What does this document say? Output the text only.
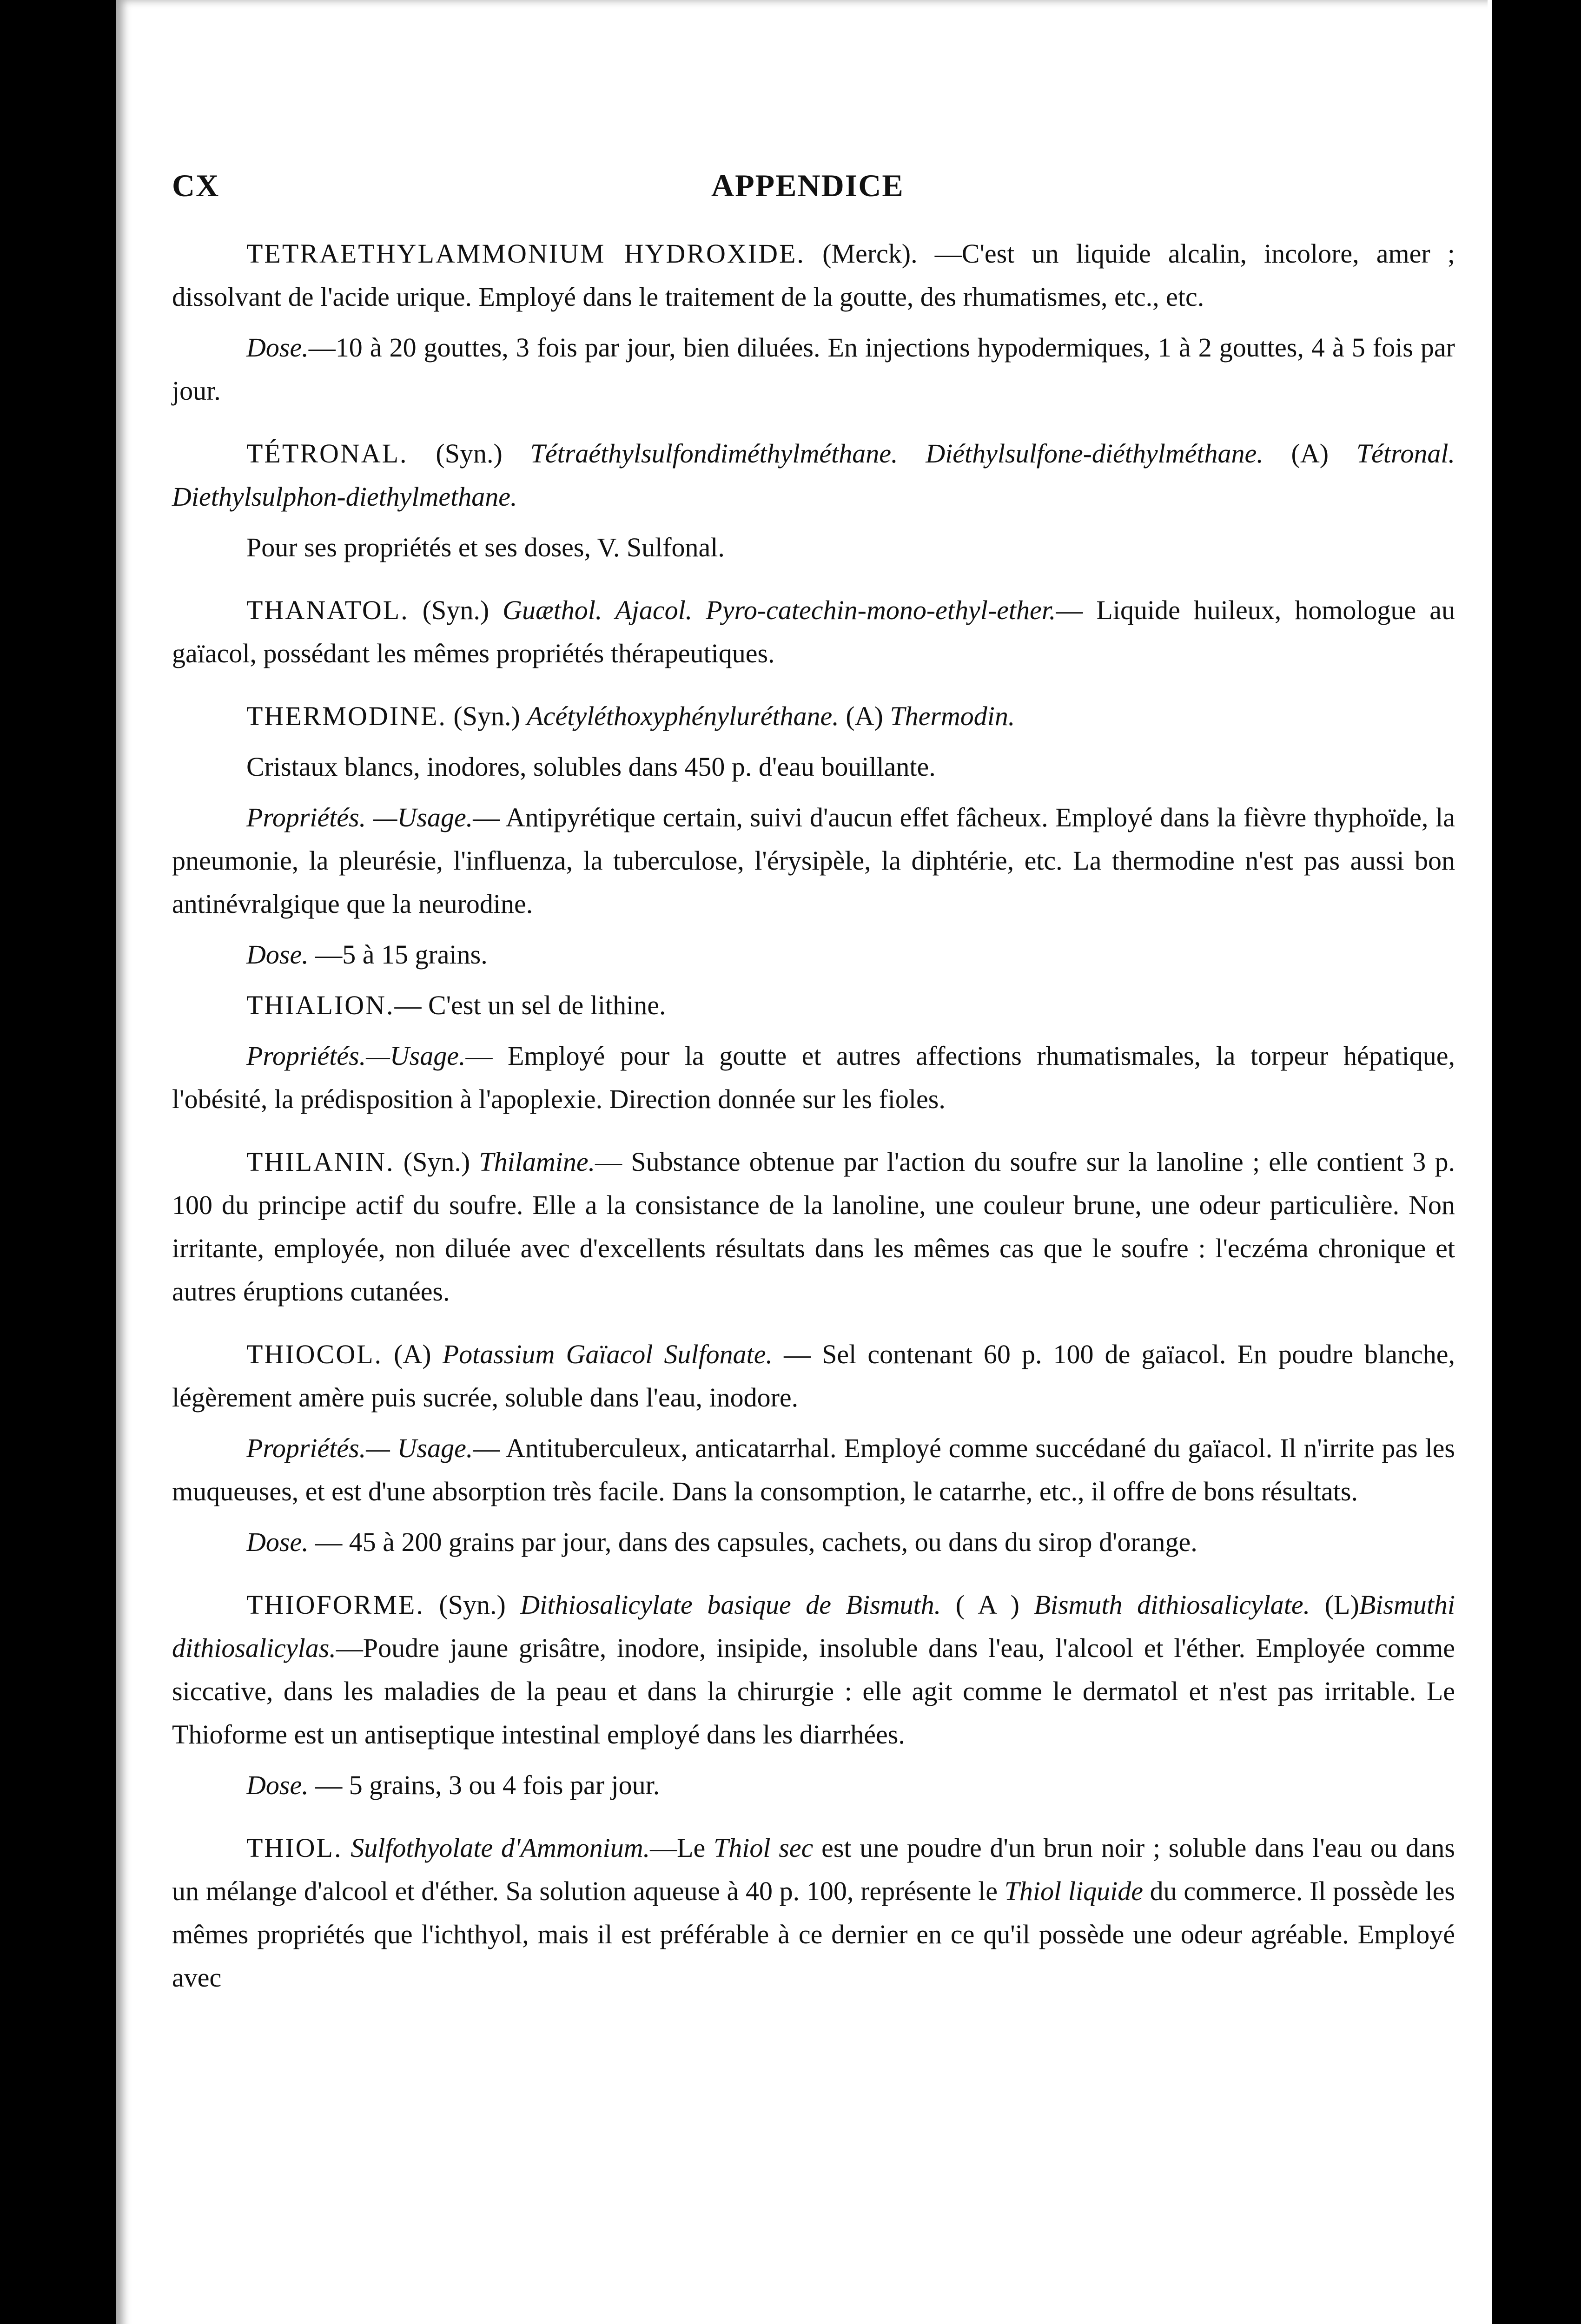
CX	APPENDICE

TETRAETHYLAMMONIUM HYDROXIDE. (Merck). —C'est un liquide alcalin, incolore, amer ; dissolvant de l'acide urique. Employé dans le traitement de la goutte, des rhumatismes, etc., etc.

Dose.—10 à 20 gouttes, 3 fois par jour, bien diluées. En injections hypodermiques, 1 à 2 gouttes, 4 à 5 fois par jour.

TÉTRONAL. (Syn.) Tétraéthylsulfondiméthylméthane. Diéthylsulfone-diéthylméthane. (A) Tétronal. Diethylsulphon-diethylmethane.

Pour ses propriétés et ses doses, V. Sulfonal.

THANATOL. (Syn.) Guæthol. Ajacol. Pyro-catechin-mono-ethyl-ether.— Liquide huileux, homologue au gaïacol, possédant les mêmes propriétés thérapeutiques.

THERMODINE. (Syn.) Acétyléthoxyphényluréthane. (A) Thermodin.

Cristaux blancs, inodores, solubles dans 450 p. d'eau bouillante.

Propriétés. —Usage.— Antipyrétique certain, suivi d'aucun effet fâcheux. Employé dans la fièvre thyphoïde, la pneumonie, la pleurésie, l'influenza, la tuberculose, l'érysipèle, la diphtérie, etc. La thermodine n'est pas aussi bon antinévralgique que la neurodine.

Dose. —5 à 15 grains.

THIALION.— C'est un sel de lithine.

Propriétés.—Usage.— Employé pour la goutte et autres affections rhumatismales, la torpeur hépatique, l'obésité, la prédisposition à l'apoplexie. Direction donnée sur les fioles.

THILANIN. (Syn.) Thilamine.— Substance obtenue par l'action du soufre sur la lanoline ; elle contient 3 p. 100 du principe actif du soufre. Elle a la consistance de la lanoline, une couleur brune, une odeur particulière. Non irritante, employée, non diluée avec d'excellents résultats dans les mêmes cas que le soufre : l'eczéma chronique et autres éruptions cutanées.

THIOCOL. (A) Potassium Gaïacol Sulfonate. — Sel contenant 60 p. 100 de gaïacol. En poudre blanche, légèrement amère puis sucrée, soluble dans l'eau, inodore.

Propriétés.— Usage.— Antituberculeux, anticatarrhal. Employé comme succédané du gaïacol. Il n'irrite pas les muqueuses, et est d'une absorption très facile. Dans la consomption, le catarrhe, etc., il offre de bons résultats.

Dose. — 45 à 200 grains par jour, dans des capsules, cachets, ou dans du sirop d'orange.

THIOFORME. (Syn.) Dithiosalicylate basique de Bismuth. ( A ) Bismuth dithiosalicylate. (L)Bismuthi dithiosalicylas.—Poudre jaune grisâtre, inodore, insipide, insoluble dans l'eau, l'alcool et l'éther. Employée comme siccative, dans les maladies de la peau et dans la chirurgie : elle agit comme le dermatol et n'est pas irritable. Le Thioforme est un antiseptique intestinal employé dans les diarrhées.

Dose. — 5 grains, 3 ou 4 fois par jour.

THIOL. Sulfothyolate d'Ammonium.—Le Thiol sec est une poudre d'un brun noir ; soluble dans l'eau ou dans un mélange d'alcool et d'éther. Sa solution aqueuse à 40 p. 100, représente le Thiol liquide du commerce. Il possède les mêmes propriétés que l'ichthyol, mais il est préférable à ce dernier en ce qu'il possède une odeur agréable. Employé avec
